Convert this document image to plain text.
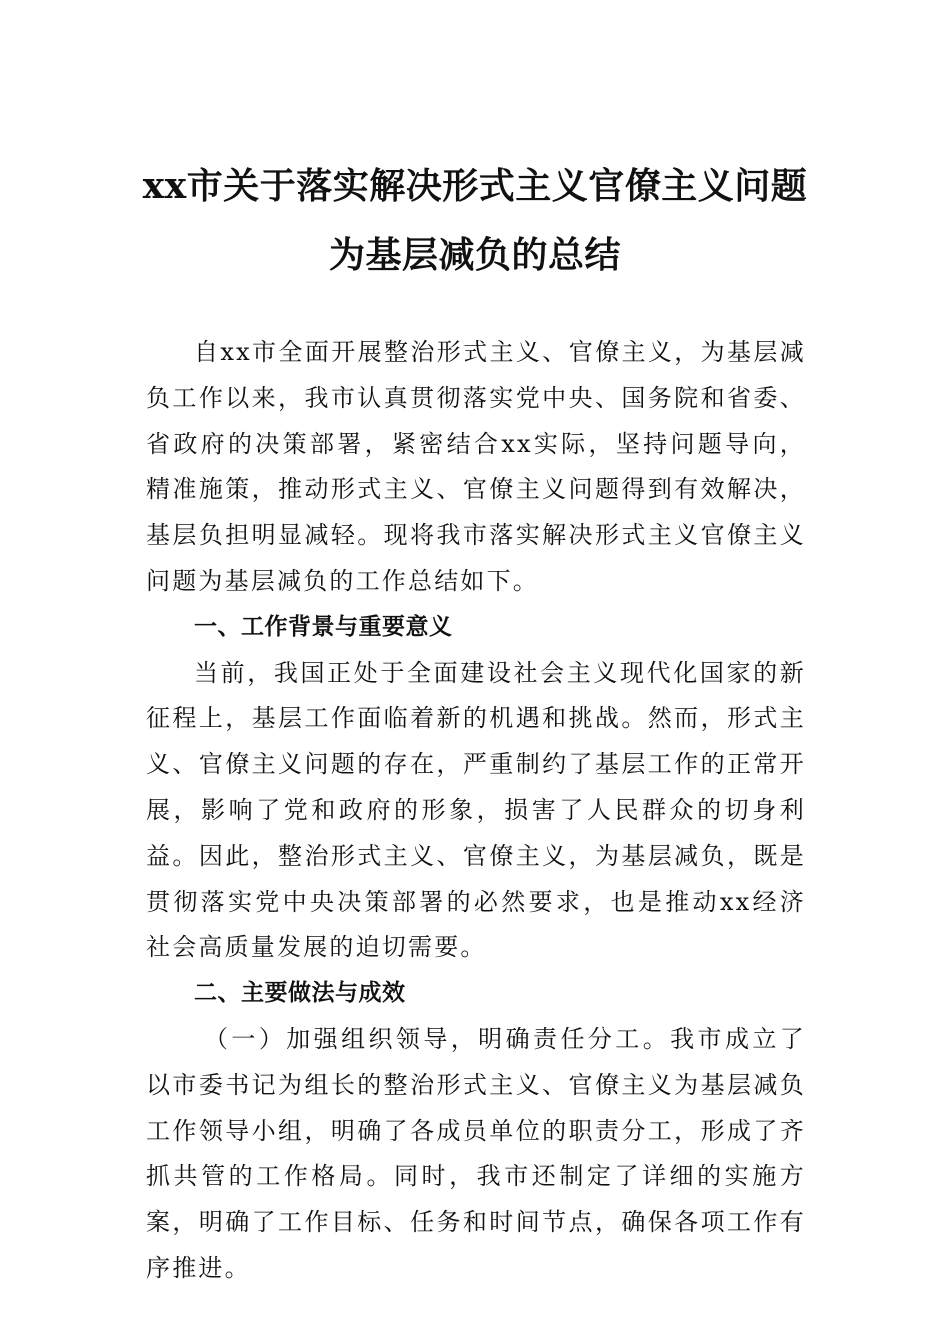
xx市关于落实解决形式主义官僚主义问题
为基层减负的总结

自xx市全面开展整治形式主义、官僚主义，为基层减负工作以来，我市认真贯彻落实党中央、国务院和省委、省政府的决策部署，紧密结合xx实际，坚持问题导向，精准施策，推动形式主义、官僚主义问题得到有效解决，基层负担明显减轻。现将我市落实解决形式主义官僚主义问题为基层减负的工作总结如下。

一、工作背景与重要意义

当前，我国正处于全面建设社会主义现代化国家的新征程上，基层工作面临着新的机遇和挑战。然而，形式主义、官僚主义问题的存在，严重制约了基层工作的正常开展，影响了党和政府的形象，损害了人民群众的切身利益。因此，整治形式主义、官僚主义，为基层减负，既是贯彻落实党中央决策部署的必然要求，也是推动xx经济社会高质量发展的迫切需要。

二、主要做法与成效

（一）加强组织领导，明确责任分工。我市成立了以市委书记为组长的整治形式主义、官僚主义为基层减负工作领导小组，明确了各成员单位的职责分工，形成了齐抓共管的工作格局。同时，我市还制定了详细的实施方案，明确了工作目标、任务和时间节点，确保各项工作有序推进。
